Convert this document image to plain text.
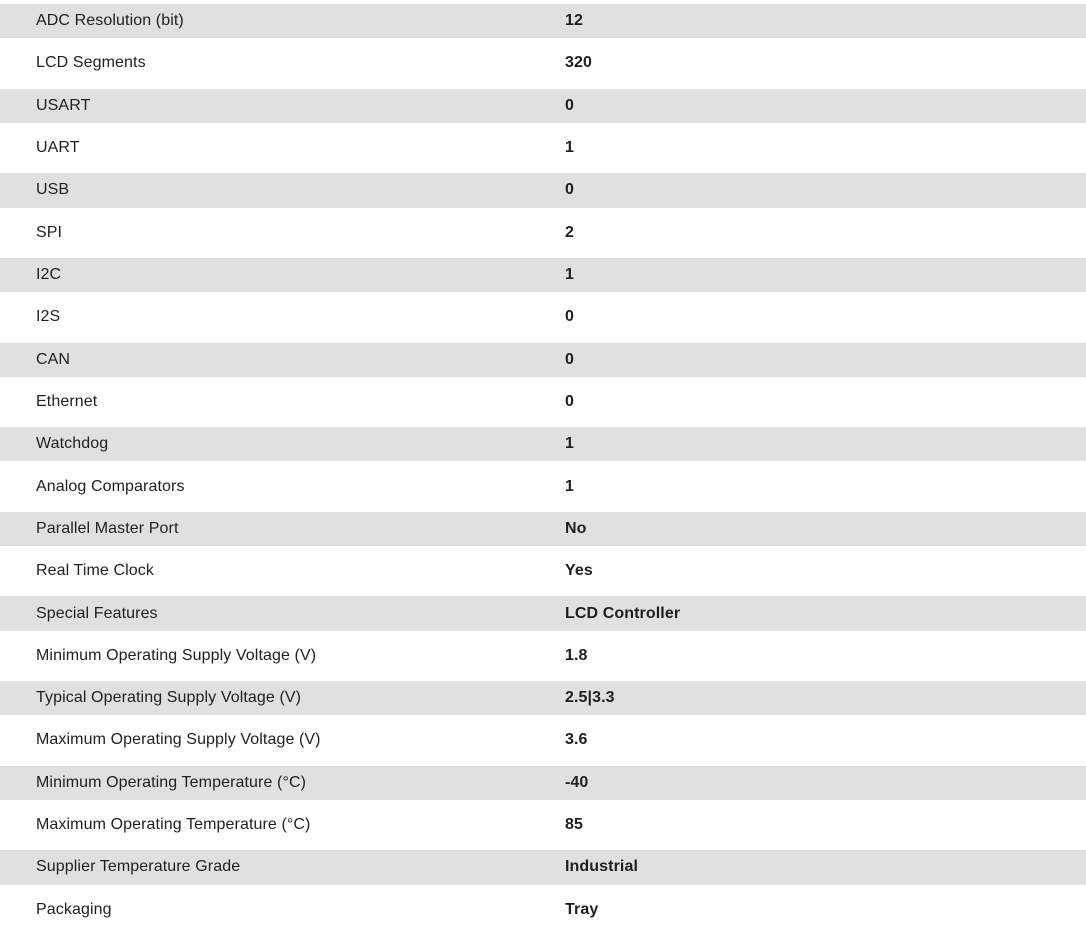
ADC Resolution (bit)	12
LCD Segments	320
USART	0
UART	1
USB	0
SPI	2
I2C	1
I2S	0
CAN	0
Ethernet	0
Watchdog	1
Analog Comparators	1
Parallel Master Port	No
Real Time Clock	Yes
Special Features	LCD Controller
Minimum Operating Supply Voltage (V)	1.8
Typical Operating Supply Voltage (V)	2.5|3.3
Maximum Operating Supply Voltage (V)	3.6
Minimum Operating Temperature (°C)	-40
Maximum Operating Temperature (°C)	85
Supplier Temperature Grade	Industrial
Packaging	Tray
